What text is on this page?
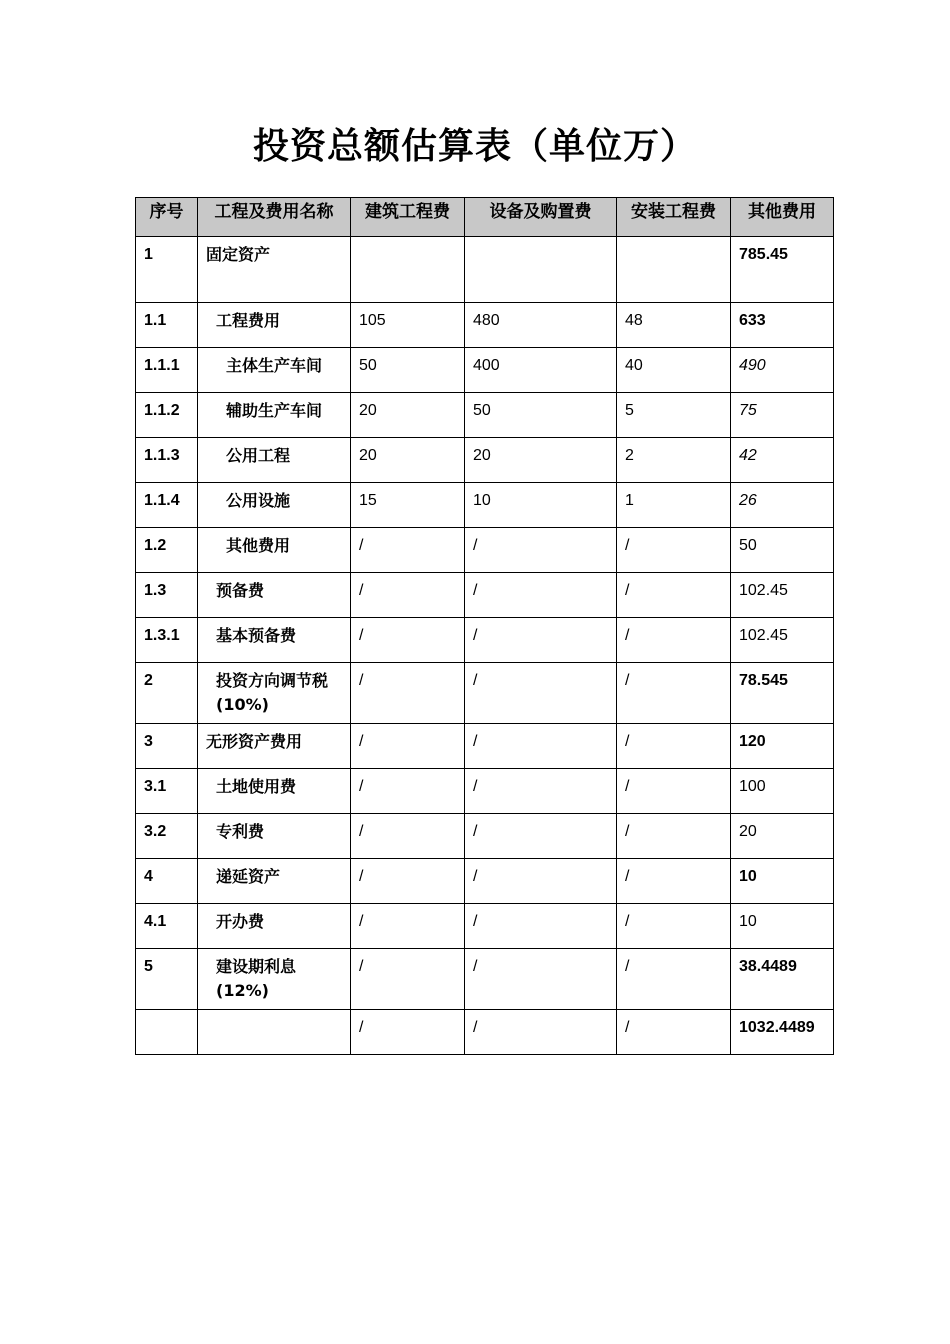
投资总额估算表（单位万）
序号	工程及费用名称	建筑工程费	设备及购置费	安装工程费	其他费用
1	固定资产				785.45
1.1	工程费用	105	480	48	633
1.1.1	主体生产车间	50	400	40	490
1.1.2	辅助生产车间	20	50	5	75
1.1.3	公用工程	20	20	2	42
1.1.4	公用设施	15	10	1	26
1.2	其他费用	/	/	/	50
1.3	预备费	/	/	/	102.45
1.3.1	基本预备费	/	/	/	102.45
2	投资方向调节税(10%)	/	/	/	78.545
3	无形资产费用	/	/	/	120
3.1	土地使用费	/	/	/	100
3.2	专利费	/	/	/	20
4	递延资产	/	/	/	10
4.1	开办费	/	/	/	10
5	建设期利息(12%)	/	/	/	38.4489
		/	/	/	1032.4489
